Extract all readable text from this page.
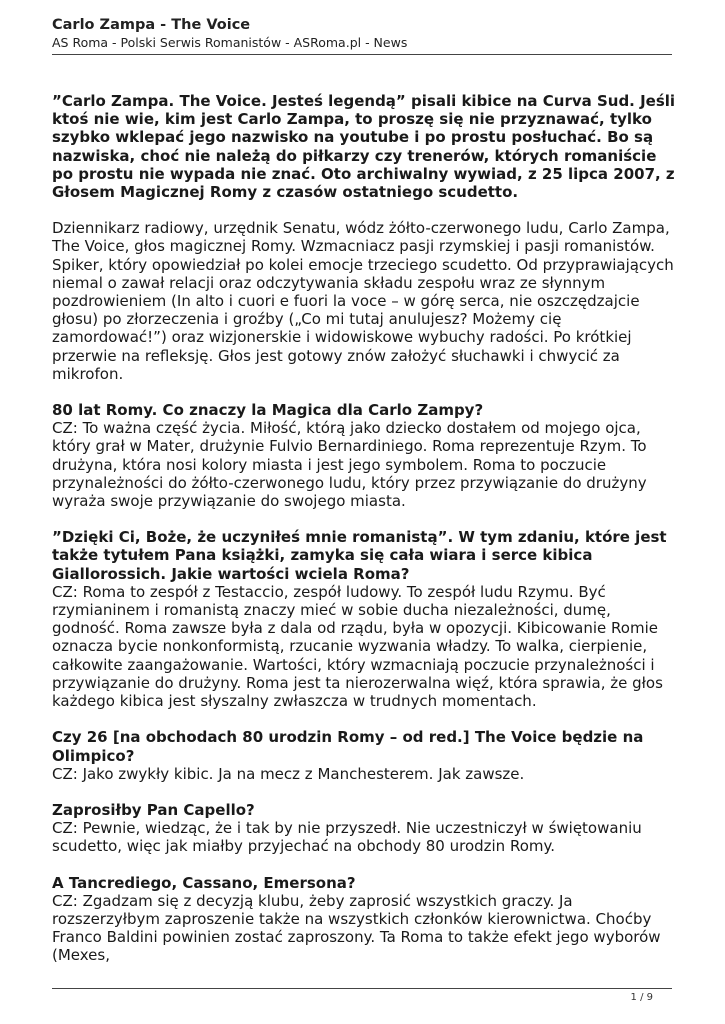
Carlo Zampa - The Voice
AS Roma - Polski Serwis Romanistów - ASRoma.pl - News

”Carlo Zampa. The Voice. Jesteś legendą” pisali kibice na Curva Sud. Jeśli ktoś nie wie, kim jest Carlo Zampa, to proszę się nie przyznawać, tylko szybko wklepać jego nazwisko na youtube i po prostu posłuchać. Bo są nazwiska, choć nie należą do piłkarzy czy trenerów, których romaniście po prostu nie wypada nie znać. Oto archiwalny wywiad, z 25 lipca 2007, z Głosem Magicznej Romy z czasów ostatniego scudetto.

Dziennikarz radiowy, urzędnik Senatu, wódz żółto-czerwonego ludu, Carlo Zampa, The Voice, głos magicznej Romy. Wzmacniacz pasji rzymskiej i pasji romanistów. Spiker, który opowiedział po kolei emocje trzeciego scudetto. Od przyprawiających niemal o zawał relacji oraz odczytywania składu zespołu wraz ze słynnym pozdrowieniem (In alto i cuori e fuori la voce – w górę serca, nie oszczędzajcie głosu) po złorzeczenia i groźby („Co mi tutaj anulujesz? Możemy cię zamordować!”) oraz wizjonerskie i widowiskowe wybuchy radości. Po krótkiej przerwie na refleksję. Głos jest gotowy znów założyć słuchawki i chwycić za mikrofon.

80 lat Romy. Co znaczy la Magica dla Carlo Zampy?

CZ: To ważna część życia. Miłość, którą jako dziecko dostałem od mojego ojca, który grał w Mater, drużynie Fulvio Bernardiniego. Roma reprezentuje Rzym. To drużyna, która nosi kolory miasta i jest jego symbolem. Roma to poczucie przynależności do żółto-czerwonego ludu, który przez przywiązanie do drużyny wyraża swoje przywiązanie do swojego miasta.

”Dzięki Ci, Boże, że uczyniłeś mnie romanistą”. W tym zdaniu, które jest także tytułem Pana książki, zamyka się cała wiara i serce kibica Giallorossich. Jakie wartości wciela Roma?

CZ: Roma to zespół z Testaccio, zespół ludowy. To zespół ludu Rzymu. Być rzymianinem i romanistą znaczy mieć w sobie ducha niezależności, dumę, godność. Roma zawsze była z dala od rządu, była w opozycji. Kibicowanie Romie oznacza bycie nonkonformistą, rzucanie wyzwania władzy. To walka, cierpienie, całkowite zaangażowanie. Wartości, który wzmacniają poczucie przynależności i przywiązanie do drużyny. Roma jest ta nierozerwalna więź, która sprawia, że głos każdego kibica jest słyszalny zwłaszcza w trudnych momentach.

Czy 26 [na obchodach 80 urodzin Romy – od red.] The Voice będzie na Olimpico?

CZ: Jako zwykły kibic. Ja na mecz z Manchesterem. Jak zawsze.

Zaprosiłby Pan Capello?

CZ: Pewnie, wiedząc, że i tak by nie przyszedł. Nie uczestniczył w świętowaniu scudetto, więc jak miałby przyjechać na obchody 80 urodzin Romy.

A Tancrediego, Cassano, Emersona?

CZ: Zgadzam się z decyzją klubu, żeby zaprosić wszystkich graczy. Ja rozszerzyłbym zaproszenie także na wszystkich członków kierownictwa. Choćby Franco Baldini powinien zostać zaproszony. Ta Roma to także efekt jego wyborów (Mexes,

1 / 9
